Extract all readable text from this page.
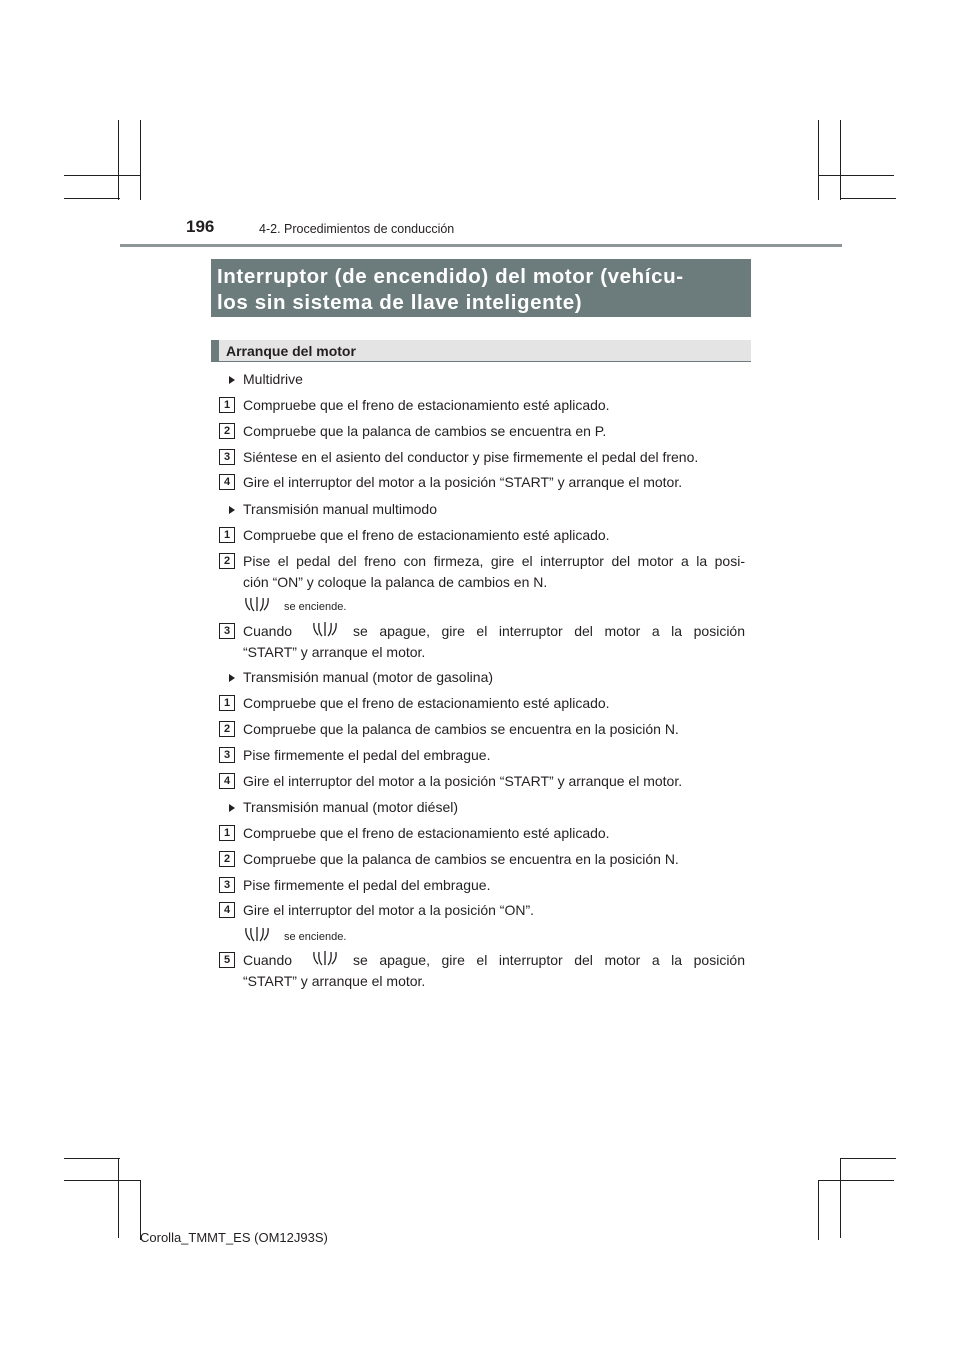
196	4-2. Procedimientos de conducción
Interruptor (de encendido) del motor (vehícu-
los sin sistema de llave inteligente)
Arranque del motor
Multidrive
1 Compruebe que el freno de estacionamiento esté aplicado.
2 Compruebe que la palanca de cambios se encuentra en P.
3 Siéntese en el asiento del conductor y pise firmemente el pedal del freno.
4 Gire el interruptor del motor a la posición “START” y arranque el motor.
Transmisión manual multimodo
1 Compruebe que el freno de estacionamiento esté aplicado.
2 Pise el pedal del freno con firmeza, gire el interruptor del motor a la posi-
ción “ON” y coloque la palanca de cambios en N.
se enciende.
3 Cuando	se apague, gire el interruptor del motor a la posición
“START” y arranque el motor.
Transmisión manual (motor de gasolina)
1 Compruebe que el freno de estacionamiento esté aplicado.
2 Compruebe que la palanca de cambios se encuentra en la posición N.
3 Pise firmemente el pedal del embrague.
4 Gire el interruptor del motor a la posición “START” y arranque el motor.
Transmisión manual (motor diésel)
1 Compruebe que el freno de estacionamiento esté aplicado.
2 Compruebe que la palanca de cambios se encuentra en la posición N.
3 Pise firmemente el pedal del embrague.
4 Gire el interruptor del motor a la posición “ON”.
se enciende.
5 Cuando	se apague, gire el interruptor del motor a la posición
“START” y arranque el motor.
Corolla_TMMT_ES (OM12J93S)
